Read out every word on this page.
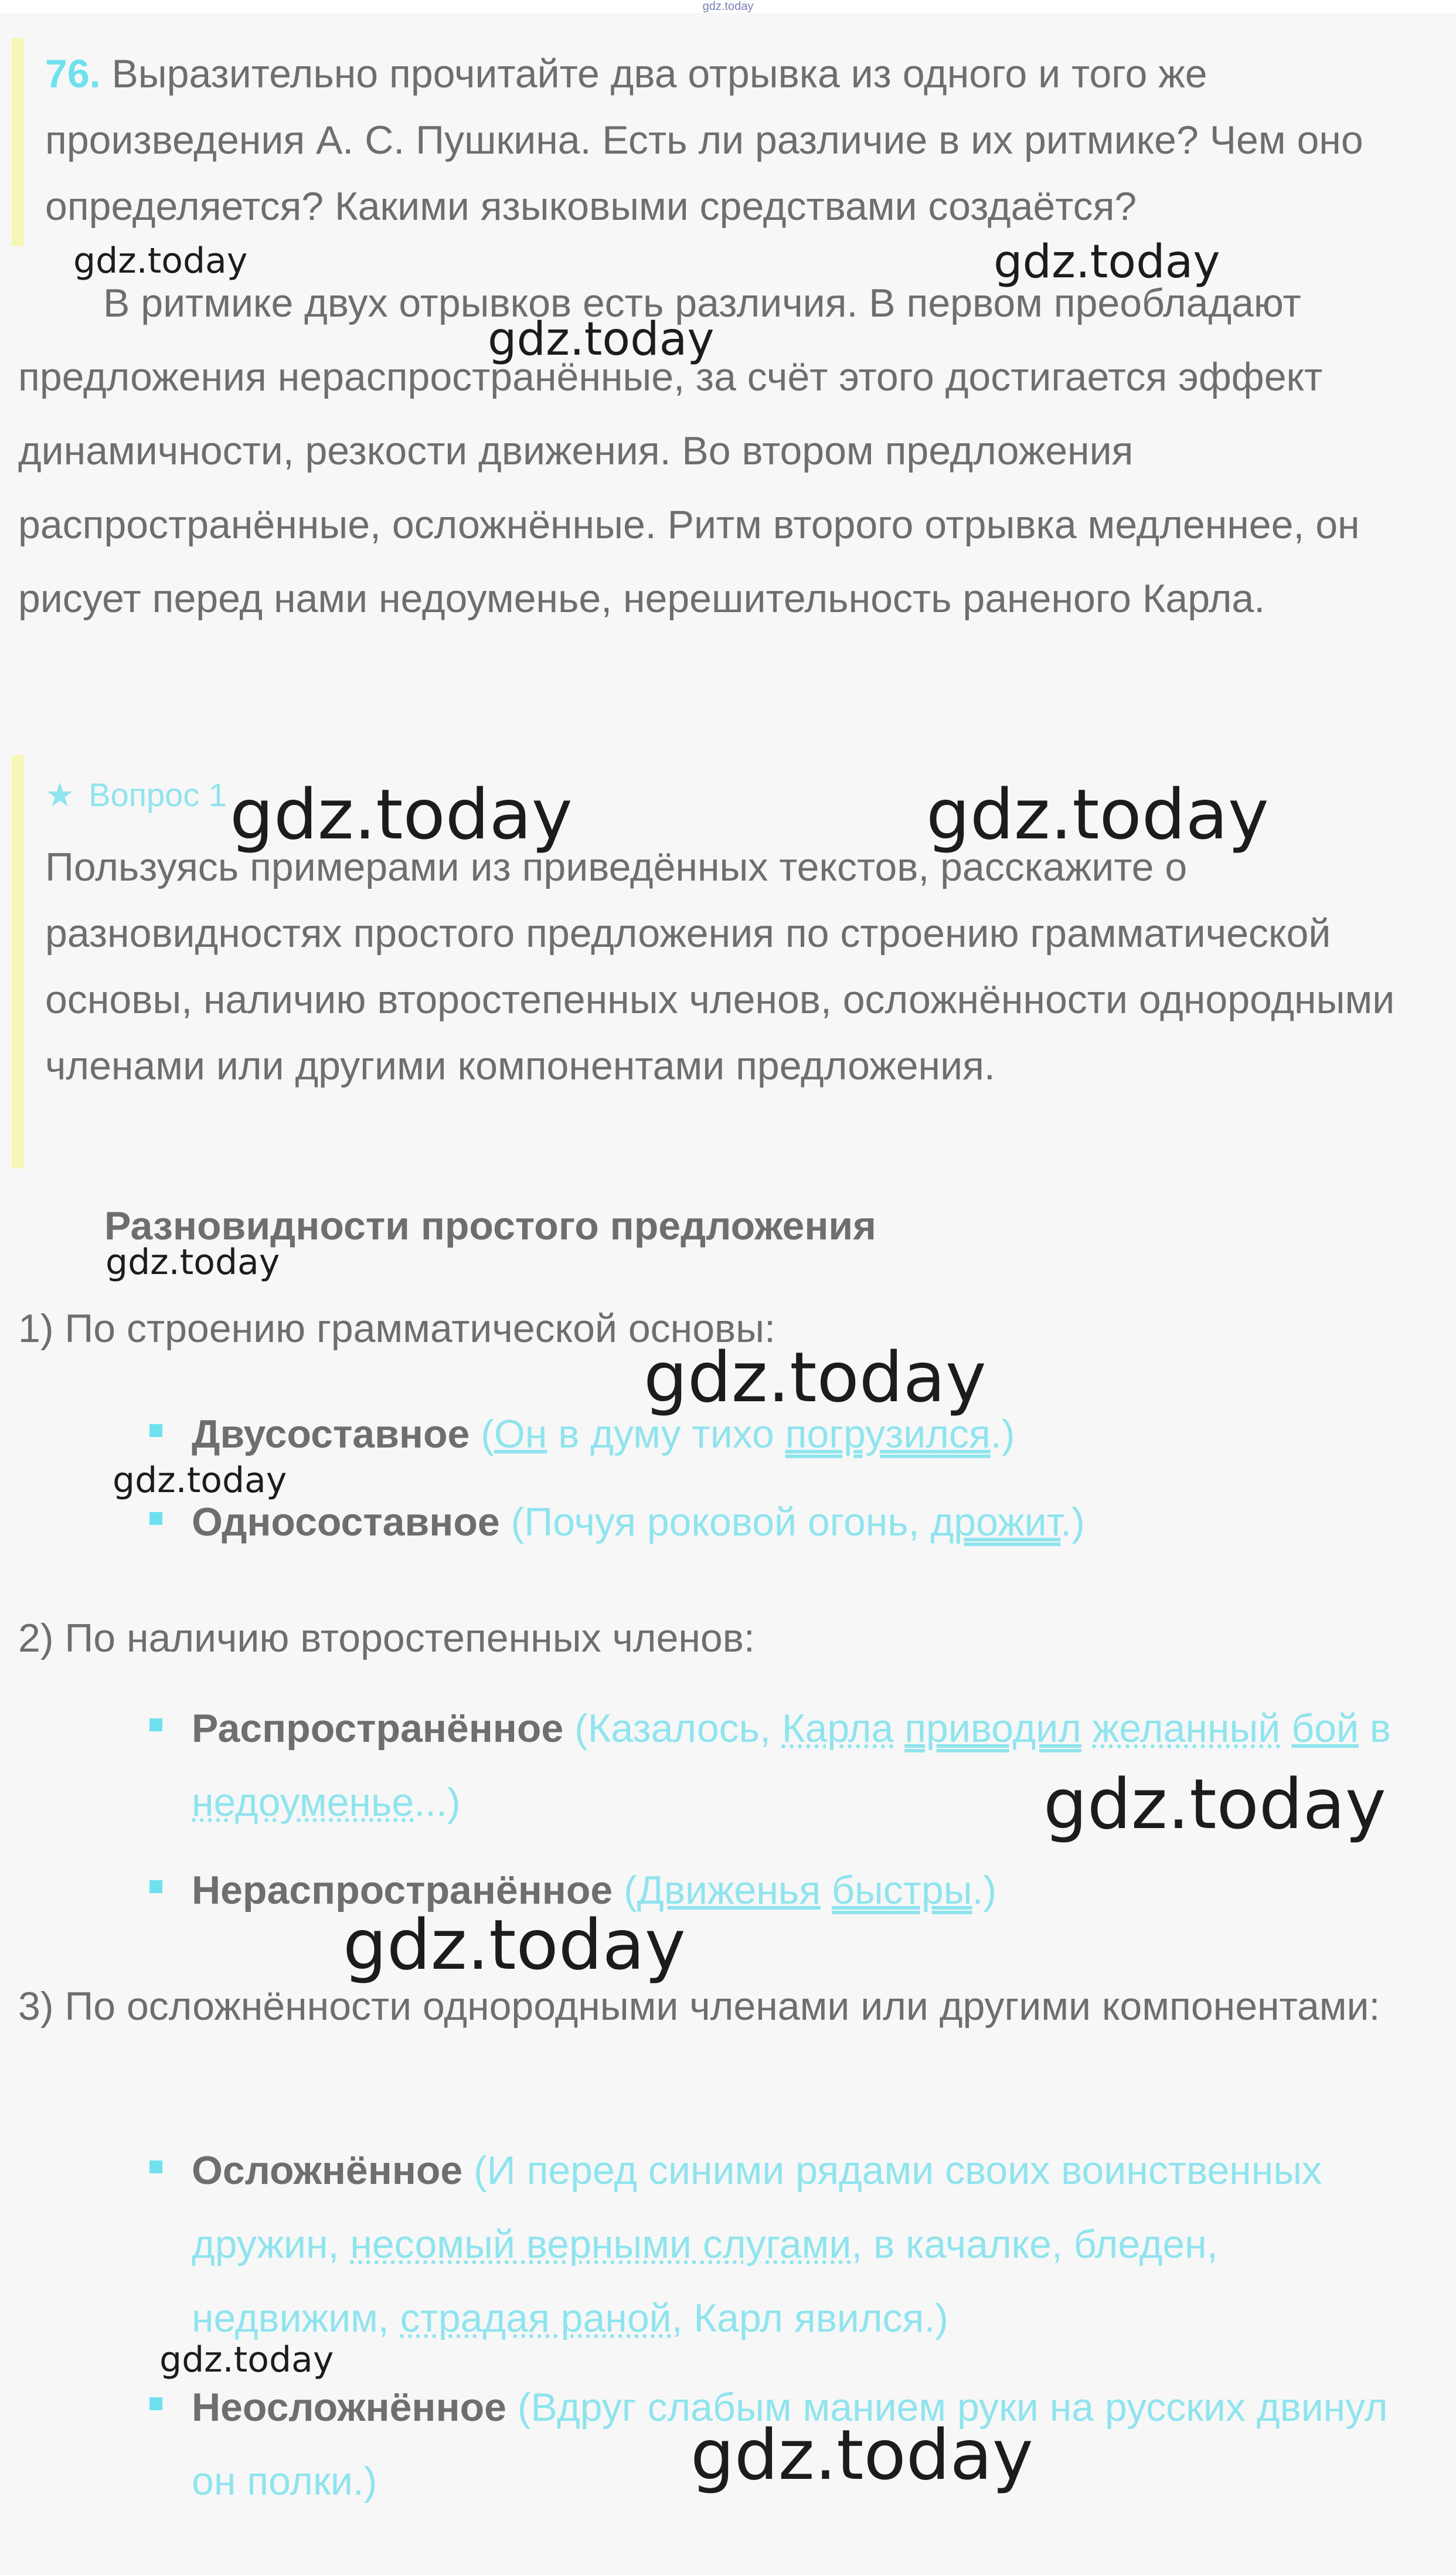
gdz.today

76. Выразительно прочитайте два отрывка из одного и того же произведения А. С. Пушкина. Есть ли различие в их ритмике? Чем оно определяется? Какими языковыми средствами создаётся?

В ритмике двух отрывков есть различия. В первом преобладают предложения нераспространённые, за счёт этого достигается эффект динамичности, резкости движения. Во втором предложения распространённые, осложнённые. Ритм второго отрывка медленнее, он рисует перед нами недоуменье, нерешительность раненого Карла.

★ Вопрос 1

Пользуясь примерами из приведённых текстов, расскажите о разновидностях простого предложения по строению грамматической основы, наличию второстепенных членов, осложнённости однородными членами или другими компонентами предложения.

Разновидности простого предложения

1) По строению грамматической основы:

Двусоставное (Он в думу тихо погрузился.)

Односоставное (Почуя роковой огонь, дрожит.)

2) По наличию второстепенных членов:

Распространённое (Казалось, Карла приводил желанный бой в недоуменье...)

Нераспространённое (Движенья быстры.)

3) По осложнённости однородными членами или другими компонентами:

Осложнённое (И перед синими рядами своих воинственных дружин, несомый верными слугами, в качалке, бледен, недвижим, страдая раной, Карл явился.)

Неосложнённое (Вдруг слабым манием руки на русских двинул он полки.)

gdz.today	gdz.today
gdz.today
gdz.today	gdz.today
gdz.today
gdz.today
gdz.today
gdz.today
gdz.today
gdz.today
gdz.today
